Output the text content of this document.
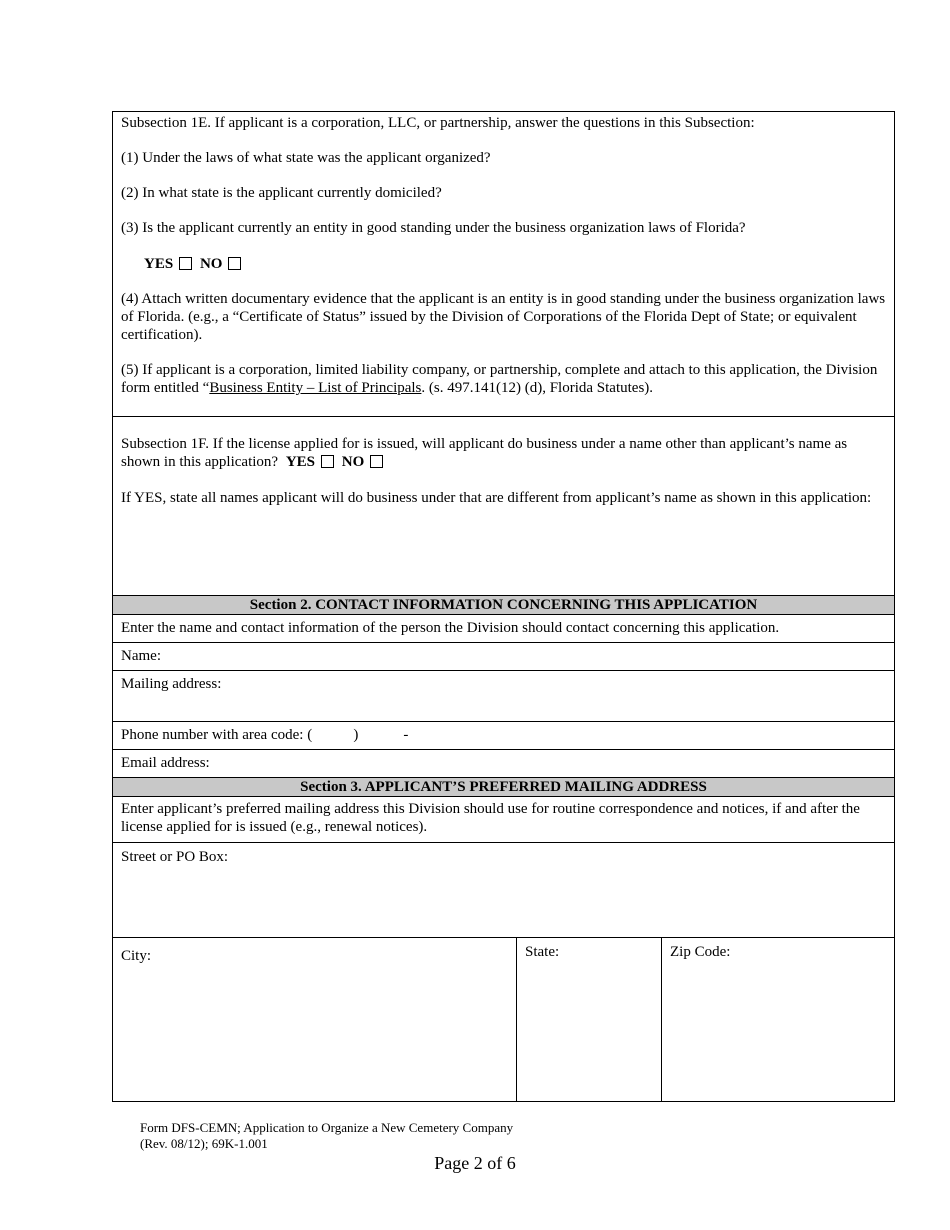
Subsection 1E. If applicant is a corporation, LLC, or partnership, answer the questions in this Subsection:

(1) Under the laws of what state was the applicant organized?

(2) In what state is the applicant currently domiciled?

(3) Is the applicant currently an entity in good standing under the business organization laws of Florida?

YES NO

(4) Attach written documentary evidence that the applicant is an entity is in good standing under the business organization laws of Florida. (e.g., a “Certificate of Status” issued by the Division of Corporations of the Florida Dept of State; or equivalent certification).

(5) If applicant is a corporation, limited liability company, or partnership, complete and attach to this application, the Division form entitled “Business Entity – List of Principals. (s. 497.141(12) (d), Florida Statutes).

Subsection 1F. If the license applied for is issued, will applicant do business under a name other than applicant’s name as shown in this application? YES NO

If YES, state all names applicant will do business under that are different from applicant’s name as shown in this application:

Section 2. CONTACT INFORMATION CONCERNING THIS APPLICATION
Enter the name and contact information of the person the Division should contact concerning this application.
Name:
Mailing address:
Phone number with area code: (           )            -
Email address:
Section 3. APPLICANT’S PREFERRED MAILING ADDRESS
Enter applicant’s preferred mailing address this Division should use for routine correspondence and notices, if and after the license applied for is issued (e.g., renewal notices).
Street or PO Box:
City:	State:	Zip Code:
Form DFS-CEMN; Application to Organize a New Cemetery Company
(Rev. 08/12); 69K-1.001
Page 2 of 6
